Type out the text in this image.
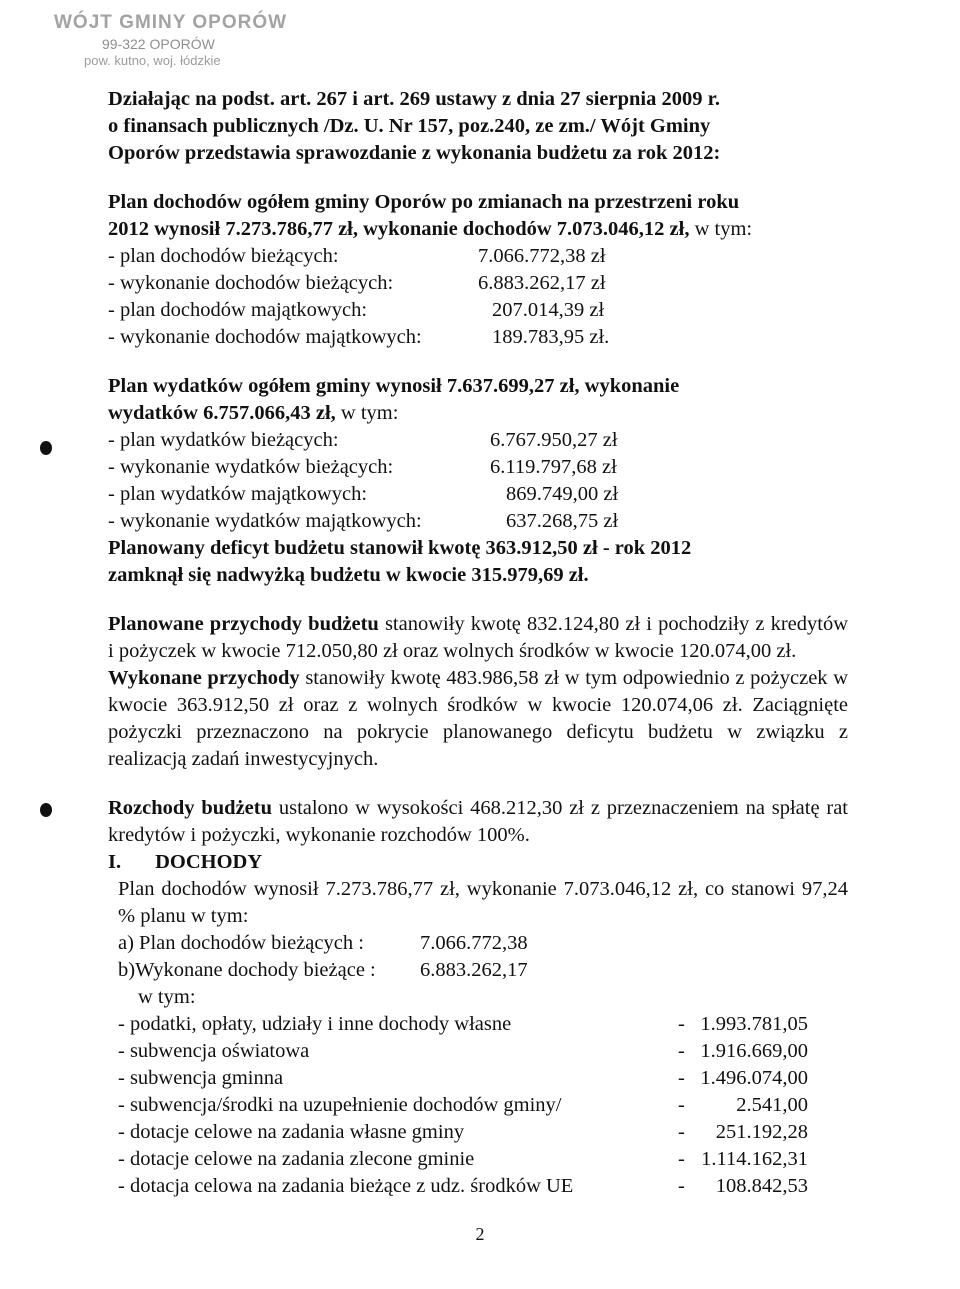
WÓJT GMINY OPORÓW
99-322 OPORÓW
pow. kutno, woj. łódzkie

Działając na podst. art. 267 i art. 269 ustawy z dnia 27 sierpnia 2009 r.

o finansach publicznych /Dz. U. Nr 157, poz.240, ze zm./ Wójt Gminy

Oporów przedstawia sprawozdanie z wykonania budżetu za rok 2012:

Plan dochodów ogółem gminy Oporów po zmianach na przestrzeni roku

2012 wynosił 7.273.786,77 zł, wykonanie dochodów 7.073.046,12 zł, w tym:

- plan dochodów bieżących:	7.066.772,38 zł
- wykonanie dochodów bieżących:	6.883.262,17 zł
- plan dochodów majątkowych:	207.014,39 zł
- wykonanie dochodów majątkowych:	189.783,95 zł.

Plan wydatków ogółem gminy wynosił 7.637.699,27 zł, wykonanie

wydatków 6.757.066,43 zł, w tym:

- plan wydatków bieżących:	6.767.950,27 zł
- wykonanie wydatków bieżących:	6.119.797,68 zł
- plan wydatków majątkowych:	869.749,00 zł
- wykonanie wydatków majątkowych:	637.268,75 zł

Planowany deficyt budżetu stanowił kwotę 363.912,50 zł - rok 2012

zamknął się nadwyżką budżetu w kwocie 315.979,69 zł.

Planowane przychody budżetu stanowiły kwotę 832.124,80 zł i pochodziły z kredytów i pożyczek w kwocie 712.050,80 zł oraz wolnych środków w kwocie 120.074,00 zł.

Wykonane przychody stanowiły kwotę 483.986,58 zł w tym odpowiednio z pożyczek w kwocie 363.912,50 zł oraz z wolnych środków w kwocie 120.074,06 zł. Zaciągnięte pożyczki przeznaczono na pokrycie planowanego deficytu budżetu w związku z realizacją zadań inwestycyjnych.

Rozchody budżetu ustalono w wysokości 468.212,30 zł z przeznaczeniem na spłatę rat kredytów i pożyczki, wykonanie rozchodów 100%.

I. DOCHODY

Plan dochodów wynosił 7.273.786,77 zł, wykonanie 7.073.046,12 zł, co stanowi 97,24 % planu w tym:

a) Plan dochodów bieżących :	7.066.772,38
b)Wykonane dochody bieżące :	6.883.262,17

w tym:

- podatki, opłaty, udziały i inne dochody własne	- 1.993.781,05
- subwencja oświatowa	- 1.916.669,00
- subwencja gminna	- 1.496.074,00
- subwencja/środki na uzupełnienie dochodów gminy/	-	2.541,00
- dotacje celowe na zadania własne gminy	-	251.192,28
- dotacje celowe na zadania zlecone gminie	- 1.114.162,31
- dotacja celowa na zadania bieżące z udz. środków UE	-	108.842,53
2
